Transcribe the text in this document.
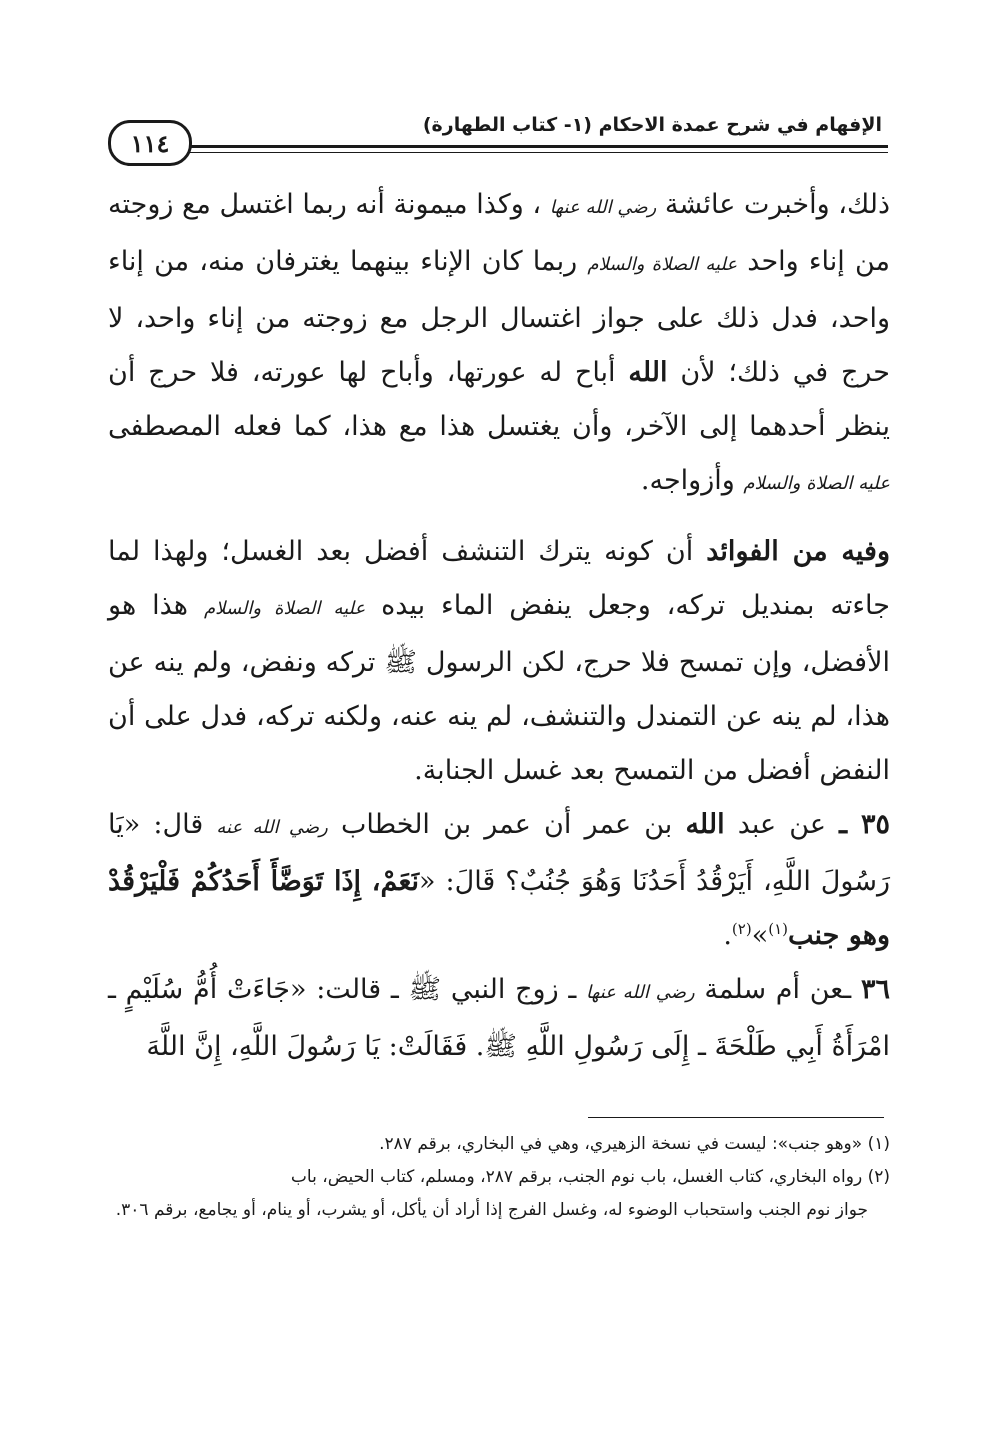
١١٤
الإفهام في شرح عمدة الاحكام (١- كتاب الطهارة)

ذلك، وأخبرت عائشة رضي الله عنها ، وكذا ميمونة أنه ربما اغتسل مع زوجته من إناء واحد عليه الصلاة والسلام ربما كان الإناء بينهما يغترفان منه، من إناء واحد، فدل ذلك على جواز اغتسال الرجل مع زوجته من إناء واحد، لا حرج في ذلك؛ لأن الله أباح له عورتها، وأباح لها عورته، فلا حرج أن ينظر أحدهما إلى الآخر، وأن يغتسل هذا مع هذا، كما فعله المصطفى عليه الصلاة والسلام وأزواجه.

وفيه من الفوائد أن كونه يترك التنشف أفضل بعد الغسل؛ ولهذا لما جاءته بمنديل تركه، وجعل ينفض الماء بيده عليه الصلاة والسلام هذا هو الأفضل، وإن تمسح فلا حرج، لكن الرسول ﷺ تركه ونفض، ولم ينه عن هذا، لم ينه عن التمندل والتنشف، لم ينه عنه، ولكنه تركه، فدل على أن النفض أفضل من التمسح بعد غسل الجنابة.

٣٥ ـ عن عبد الله بن عمر أن عمر بن الخطاب رضي الله عنه قال: «يَا رَسُولَ اللَّهِ، أَيَرْقُدُ أَحَدُنَا وَهُوَ جُنُبٌ؟ قَالَ: «نَعَمْ، إِذَا تَوَضَّأَ أَحَدُكُمْ فَلْيَرْقُدْ وهو جنب$^{(١)}$»$^{(٢)}$.

٣٦ ـعن أم سلمة رضي الله عنها ـ زوج النبي ﷺ ـ قالت: «جَاءَتْ أُمُّ سُلَيْمٍ ـ امْرَأَةُ أَبِي طَلْحَةَ ـ إِلَى رَسُولِ اللَّهِ ﷺ. فَقَالَتْ: يَا رَسُولَ اللَّهِ، إِنَّ اللَّهَ

(١) «وهو جنب»: ليست في نسخة الزهيري، وهي في البخاري، برقم ٢٨٧.

(٢) رواه البخاري، كتاب الغسل، باب نوم الجنب، برقم ٢٨٧، ومسلم، كتاب الحيض، باب

جواز نوم الجنب واستحباب الوضوء له، وغسل الفرج إذا أراد أن يأكل، أو يشرب، أو ينام، أو يجامع، برقم ٣٠٦.
